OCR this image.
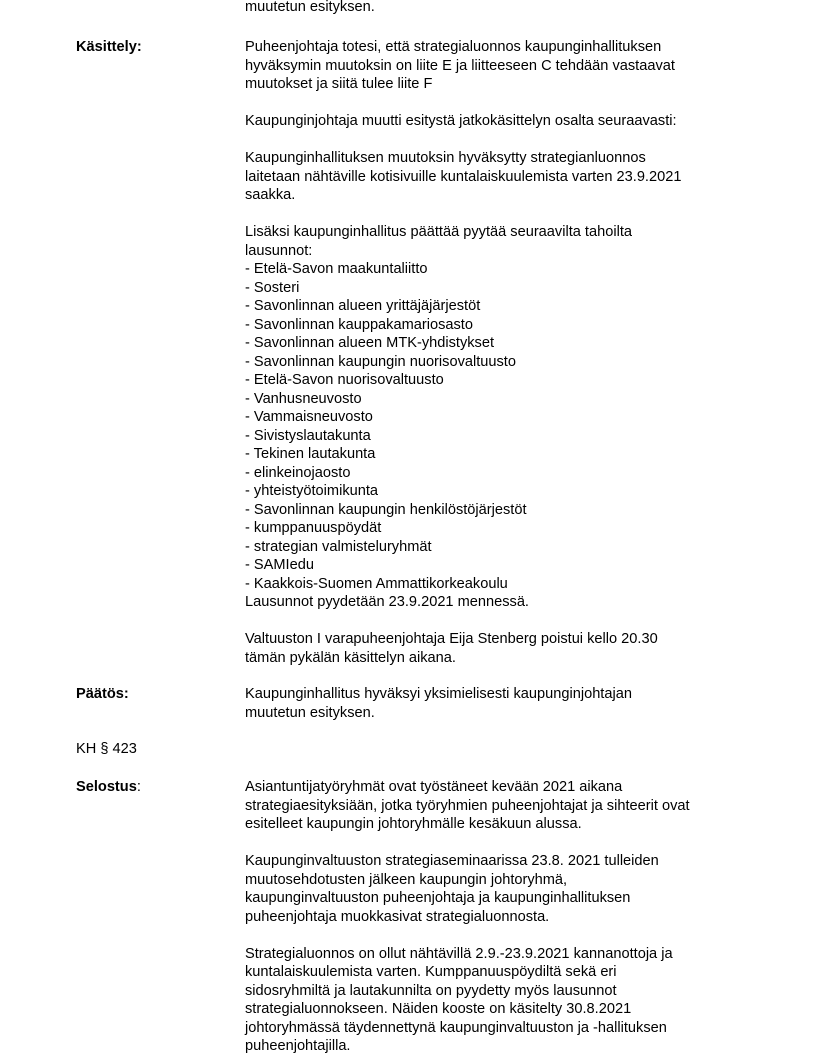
muutetun esityksen.

Käsittely:	Puheenjohtaja totesi, että strategialuonnos kaupunginhallituksen

hyväksymin muutoksin on liite E ja liitteeseen C tehdään vastaavat

muutokset ja siitä tulee liite F

Kaupunginjohtaja muutti esitystä jatkokäsittelyn osalta seuraavasti:

Kaupunginhallituksen muutoksin hyväksytty strategianluonnos

laitetaan nähtäville kotisivuille kuntalaiskuulemista varten 23.9.2021

saakka.

Lisäksi kaupunginhallitus päättää pyytää seuraavilta tahoilta

lausunnot:

- Etelä-Savon maakuntaliitto

- Sosteri

- Savonlinnan alueen yrittäjäjärjestöt

- Savonlinnan kauppakamariosasto

- Savonlinnan alueen MTK-yhdistykset

- Savonlinnan kaupungin nuorisovaltuusto

- Etelä-Savon nuorisovaltuusto

- Vanhusneuvosto

- Vammaisneuvosto

- Sivistyslautakunta

- Tekinen lautakunta

- elinkeinojaosto

- yhteistyötoimikunta

- Savonlinnan kaupungin henkilöstöjärjestöt

- kumppanuuspöydät

- strategian valmisteluryhmät

- SAMIedu

- Kaakkois-Suomen Ammattikorkeakoulu

Lausunnot pyydetään 23.9.2021 mennessä.

Valtuuston I varapuheenjohtaja Eija Stenberg poistui kello 20.30

tämän pykälän käsittelyn aikana.

Päätös:	Kaupunginhallitus hyväksyi yksimielisesti kaupunginjohtajan

muutetun esityksen.

KH § 423
Selostus:	Asiantuntijatyöryhmät ovat työstäneet kevään 2021 aikana

strategiaesityksiään, jotka työryhmien puheenjohtajat ja sihteerit ovat

esitelleet kaupungin johtoryhmälle kesäkuun alussa.

Kaupunginvaltuuston strategiaseminaarissa 23.8. 2021 tulleiden

muutosehdotusten jälkeen kaupungin johtoryhmä,

kaupunginvaltuuston puheenjohtaja ja kaupunginhallituksen

puheenjohtaja muokkasivat strategialuonnosta.

Strategialuonnos on ollut nähtävillä 2.9.-23.9.2021 kannanottoja ja

kuntalaiskuulemista varten. Kumppanuuspöydiltä sekä eri

sidosryhmiltä ja lautakunnilta on pyydetty myös lausunnot

strategialuonnokseen. Näiden kooste on käsitelty 30.8.2021

johtoryhmässä täydennettynä kaupunginvaltuuston ja -hallituksen

puheenjohtajilla.
